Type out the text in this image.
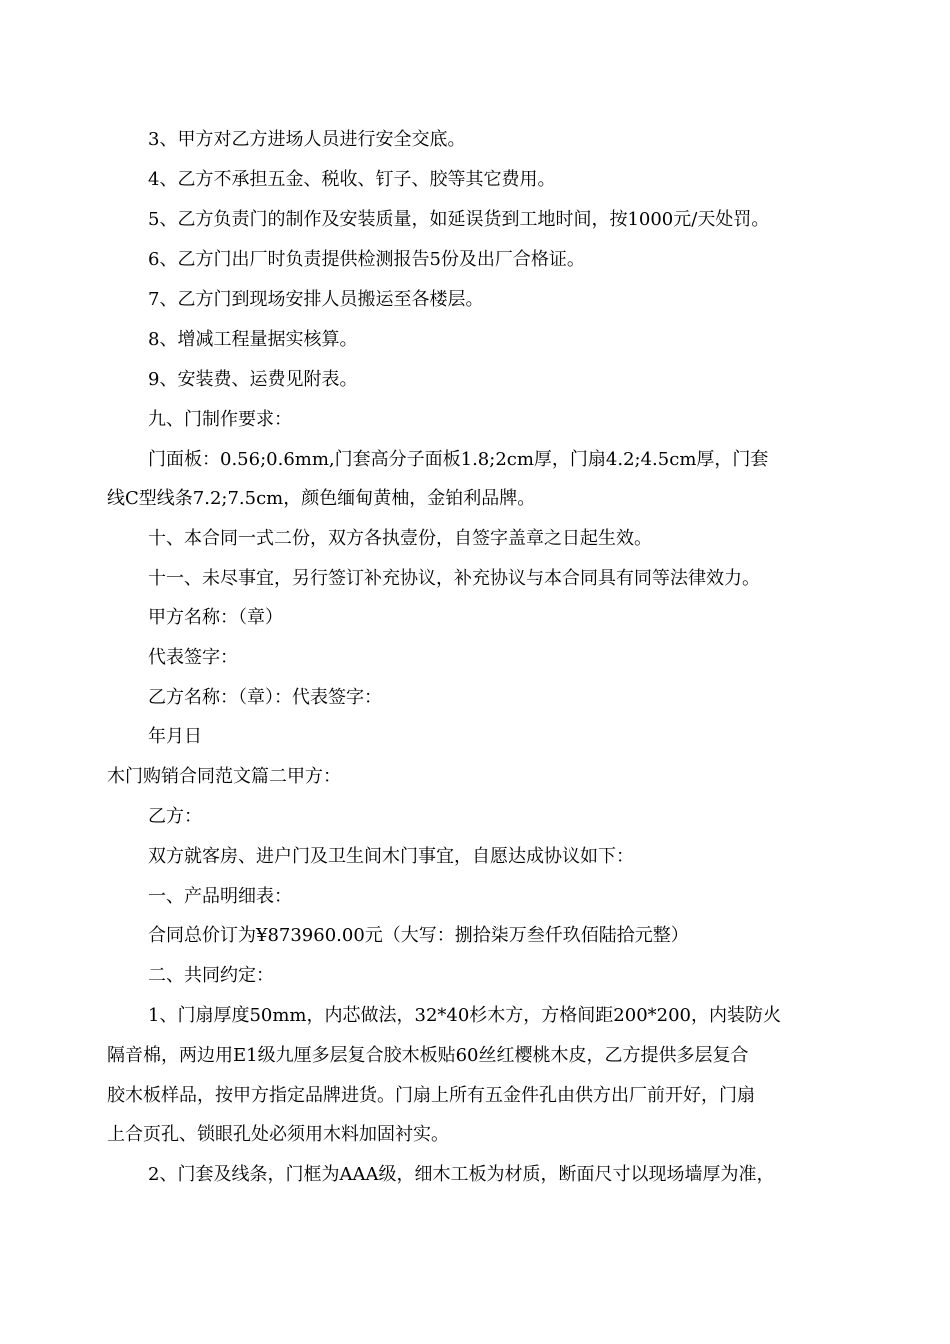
3、甲方对乙方进场人员进行安全交底。
4、乙方不承担五金、税收、钉子、胶等其它费用。
5、乙方负责门的制作及安装质量，如延误货到工地时间，按1000元/天处罚。
6、乙方门出厂时负责提供检测报告5份及出厂合格证。
7、乙方门到现场安排人员搬运至各楼层。
8、增减工程量据实核算。
9、安装费、运费见附表。
九、门制作要求：
门面板：0.56;0.6mm,门套高分子面板1.8;2cm厚，门扇4.2;4.5cm厚，门套
线C型线条7.2;7.5cm，颜色缅甸黄柚，金铂利品牌。
十、本合同一式二份，双方各执壹份，自签字盖章之日起生效。
十一、未尽事宜，另行签订补充协议，补充协议与本合同具有同等法律效力。
甲方名称：（章）
代表签字：
乙方名称：（章）：代表签字：
年月日
木门购销合同范文篇二甲方：
乙方：
双方就客房、进户门及卫生间木门事宜，自愿达成协议如下：
一、产品明细表：
合同总价订为¥873960.00元（大写：捌拾柒万叁仟玖佰陆拾元整）
二、共同约定：
1、门扇厚度50mm，内芯做法，32*40杉木方，方格间距200*200，内装防火
隔音棉，两边用E1级九厘多层复合胶木板贴60丝红樱桃木皮，乙方提供多层复合
胶木板样品，按甲方指定品牌进货。门扇上所有五金件孔由供方出厂前开好，门扇
上合页孔、锁眼孔处必须用木料加固衬实。
2、门套及线条，门框为AAA级，细木工板为材质，断面尺寸以现场墙厚为准，
